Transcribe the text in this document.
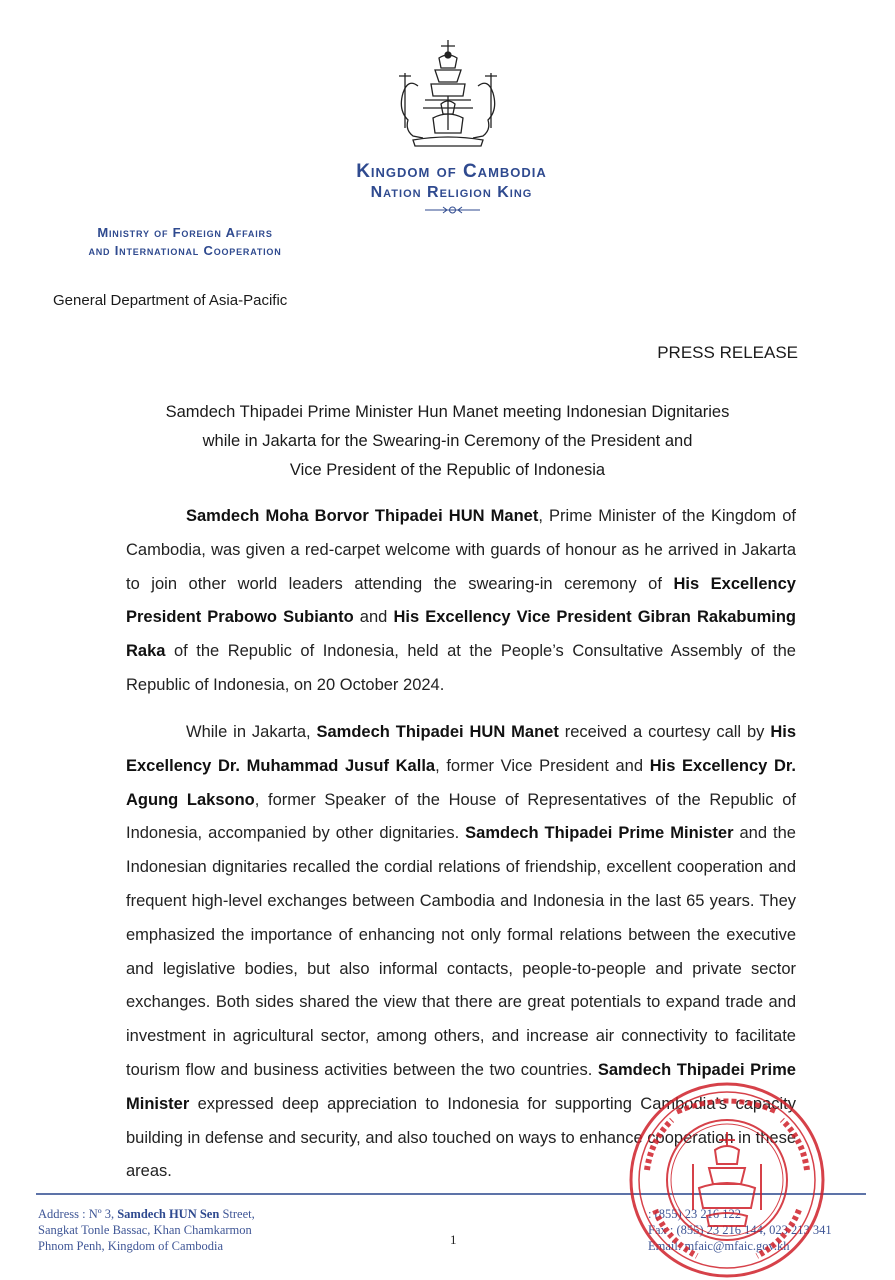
Kingdom of Cambodia
Nation Religion King
Ministry of Foreign Affairs
and International Cooperation
General Department of Asia-Pacific
PRESS RELEASE
Samdech Thipadei Prime Minister Hun Manet meeting Indonesian Dignitaries
while in Jakarta for the Swearing-in Ceremony of the President and
Vice President of the Republic of Indonesia
Samdech Moha Borvor Thipadei HUN Manet, Prime Minister of the Kingdom of Cambodia, was given a red-carpet welcome with guards of honour as he arrived in Jakarta to join other world leaders attending the swearing-in ceremony of His Excellency President Prabowo Subianto and His Excellency Vice President Gibran Rakabuming Raka of the Republic of Indonesia, held at the People’s Consultative Assembly of the Republic of Indonesia, on 20 October 2024.
While in Jakarta, Samdech Thipadei HUN Manet received a courtesy call by His Excellency Dr. Muhammad Jusuf Kalla, former Vice President and His Excellency Dr. Agung Laksono, former Speaker of the House of Representatives of the Republic of Indonesia, accompanied by other dignitaries. Samdech Thipadei Prime Minister and the Indonesian dignitaries recalled the cordial relations of friendship, excellent cooperation and frequent high-level exchanges between Cambodia and Indonesia in the last 65 years. They emphasized the importance of enhancing not only formal relations between the executive and legislative bodies, but also informal contacts, people-to-people and private sector exchanges. Both sides shared the view that there are great potentials to expand trade and investment in agricultural sector, among others, and increase air connectivity to facilitate tourism flow and business activities between the two countries. Samdech Thipadei Prime Minister expressed deep appreciation to Indonesia for supporting Cambodia’s capacity building in defense and security, and also touched on ways to enhance cooperation in these areas.
Address : Nº 3, Samdech HUN Sen Street,
Sangkat Tonle Bassac, Khan Chamkarmon
Phnom Penh, Kingdom of Cambodia	1
: (855) 23 216 122
Fax : (855) 23 216 144, 023 213 341
Email: mfaic@mfaic.gov.kh
